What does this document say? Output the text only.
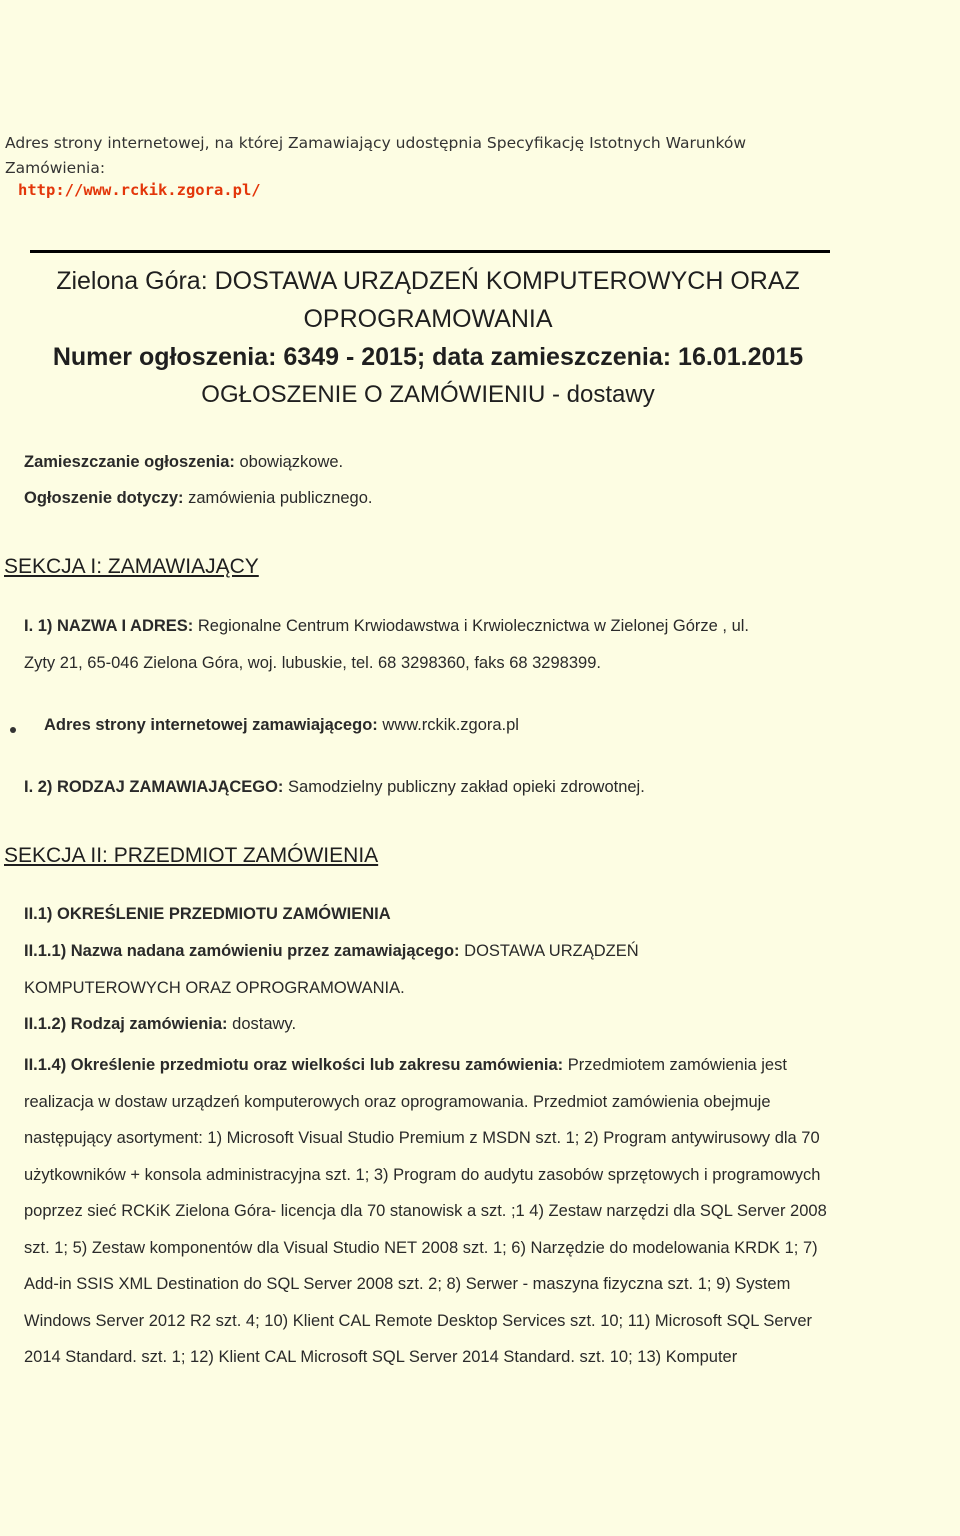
Adres strony internetowej, na której Zamawiający udostępnia Specyfikację Istotnych Warunków Zamówienia:
http://www.rckik.zgora.pl/

Zielona Góra: DOSTAWA URZĄDZEŃ KOMPUTEROWYCH ORAZ

OPROGRAMOWANIA

Numer ogłoszenia: 6349 - 2015; data zamieszczenia: 16.01.2015

OGŁOSZENIE O ZAMÓWIENIU - dostawy

Zamieszczanie ogłoszenia: obowiązkowe.
Ogłoszenie dotyczy: zamówienia publicznego.
SEKCJA I: ZAMAWIAJĄCY
I. 1) NAZWA I ADRES: Regionalne Centrum Krwiodawstwa i Krwiolecznictwa w Zielonej Górze , ul.
Zyty 21, 65-046 Zielona Góra, woj. lubuskie, tel. 68 3298360, faks 68 3298399.
Adres strony internetowej zamawiającego: www.rckik.zgora.pl
I. 2) RODZAJ ZAMAWIAJĄCEGO: Samodzielny publiczny zakład opieki zdrowotnej.
SEKCJA II: PRZEDMIOT ZAMÓWIENIA
II.1) OKREŚLENIE PRZEDMIOTU ZAMÓWIENIA
II.1.1) Nazwa nadana zamówieniu przez zamawiającego: DOSTAWA URZĄDZEŃ
KOMPUTEROWYCH ORAZ OPROGRAMOWANIA.
II.1.2) Rodzaj zamówienia: dostawy.
II.1.4) Określenie przedmiotu oraz wielkości lub zakresu zamówienia: Przedmiotem zamówienia jest realizacja w dostaw urządzeń komputerowych oraz oprogramowania. Przedmiot zamówienia obejmuje następujący asortyment: 1) Microsoft Visual Studio Premium z MSDN szt. 1; 2) Program antywirusowy dla 70 użytkowników + konsola administracyjna szt. 1; 3) Program do audytu zasobów sprzętowych i programowych poprzez sieć RCKiK Zielona Góra- licencja dla 70 stanowisk a szt. ;1 4) Zestaw narzędzi dla SQL Server 2008 szt. 1; 5) Zestaw komponentów dla Visual Studio NET 2008 szt. 1; 6) Narzędzie do modelowania KRDK 1; 7) Add-in SSIS XML Destination do SQL Server 2008 szt. 2; 8) Serwer - maszyna fizyczna szt. 1; 9) System Windows Server 2012 R2 szt. 4; 10) Klient CAL Remote Desktop Services szt. 10; 11) Microsoft SQL Server 2014 Standard. szt. 1; 12) Klient CAL Microsoft SQL Server 2014 Standard. szt. 10; 13) Komputer
